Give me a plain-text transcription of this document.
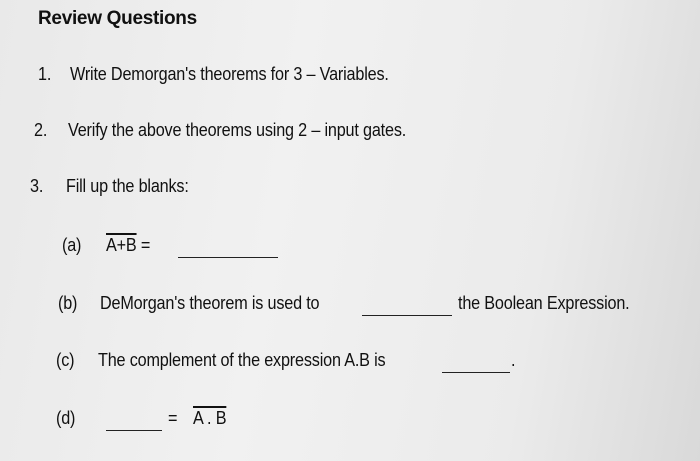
Review Questions
1. Write Demorgan's theorems for 3 – Variables.
2. Verify the above theorems using 2 – input gates.
3. Fill up the blanks:
(a) A+B =
(b) DeMorgan's theorem is used to	the Boolean Expression.
(c) The complement of the expression A.B is	.
(d)	= A . B
